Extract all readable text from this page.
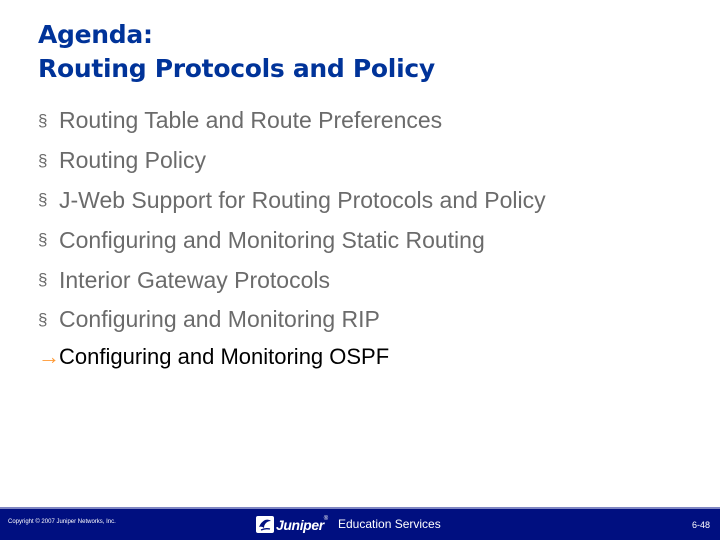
Agenda:
Routing Protocols and Policy
§ Routing Table and Route Preferences
§ Routing Policy
§ J-Web Support for Routing Protocols and Policy
§ Configuring and Monitoring Static Routing
§ Interior Gateway Protocols
§ Configuring and Monitoring RIP
→ Configuring and Monitoring OSPF
Copyright © 2007 Juniper Networks, Inc.	Juniper ® Education Services	6-48
